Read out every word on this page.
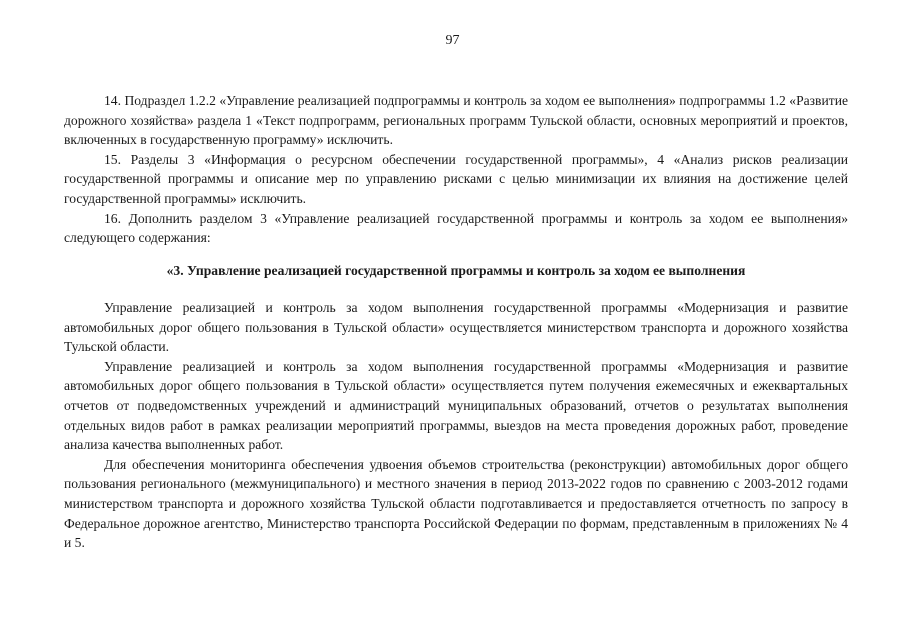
97

14. Подраздел 1.2.2 «Управление реализацией подпрограммы и контроль за ходом ее выполнения» подпрограммы 1.2 «Развитие дорожного хозяйства» раздела 1 «Текст подпрограмм, региональных программ Тульской области, основных мероприятий и проектов, включенных в государственную программу» исключить.

15. Разделы 3 «Информация о ресурсном обеспечении государственной программы», 4 «Анализ рисков реализации государственной программы и описание мер по управлению рисками с целью минимизации их влияния на достижение целей государственной программы» исключить.

16. Дополнить разделом 3 «Управление реализацией государственной программы и контроль за ходом ее выполнения» следующего содержания:

«3. Управление реализацией государственной программы и контроль за ходом ее выполнения

Управление реализацией и контроль за ходом выполнения государственной программы «Модернизация и развитие автомобильных дорог общего пользования в Тульской области» осуществляется министерством транспорта и дорожного хозяйства Тульской области.

Управление реализацией и контроль за ходом выполнения государственной программы «Модернизация и развитие автомобильных дорог общего пользования в Тульской области» осуществляется путем получения ежемесячных и ежеквартальных отчетов от подведомственных учреждений и администраций муниципальных образований, отчетов о результатах выполнения отдельных видов работ в рамках реализации мероприятий программы, выездов на места проведения дорожных работ, проведение анализа качества выполненных работ.

Для обеспечения мониторинга обеспечения удвоения объемов строительства (реконструкции) автомобильных дорог общего пользования регионального (межмуниципального) и местного значения в период 2013-2022 годов по сравнению с 2003-2012 годами министерством транспорта и дорожного хозяйства Тульской области подготавливается и предоставляется отчетность по запросу в Федеральное дорожное агентство, Министерство транспорта Российской Федерации по формам, представленным в приложениях № 4 и 5.
